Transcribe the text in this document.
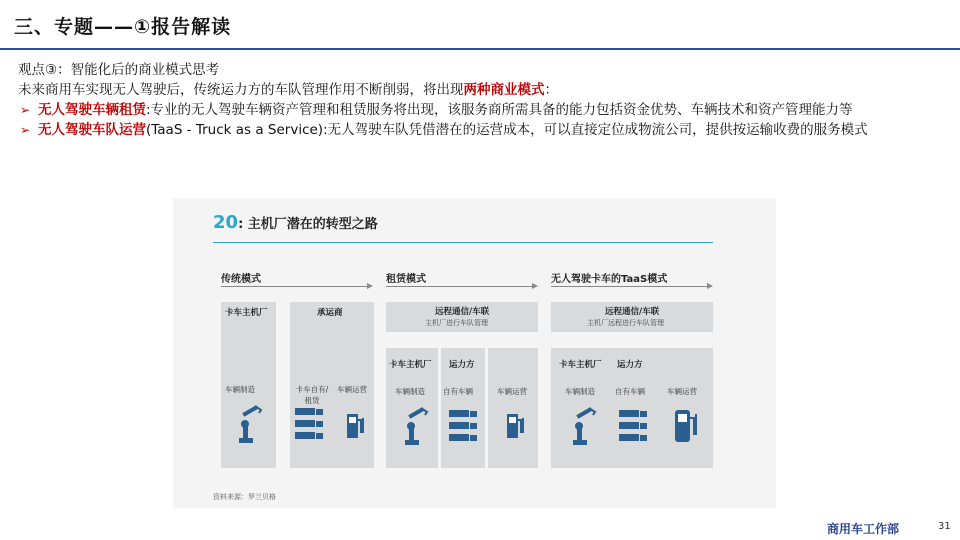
三、专题——①报告解读

观点③：智能化后的商业模式思考

未来商用车实现无人驾驶后，传统运力方的车队管理作用不断削弱，将出现两种商业模式：

➢ 无人驾驶车辆租赁:专业的无人驾驶车辆资产管理和租赁服务将出现，该服务商所需具备的能力包括资金优势、车辆技术和资产管理能力等

➢ 无人驾驶车队运营(TaaS - Truck as a Service):无人驾驶车队凭借潜在的运营成本，可以直接定位成物流公司，提供按运输收费的服务模式

20: 主机厂潜在的转型之路
传统模式	租赁模式	无人驾驶卡车的TaaS模式
卡车主机厂
车辆制造
承运商
卡车自有/
租赁
车辆运营
远程通信/车联
主机厂进行车队管理
卡车主机厂 运力方
车辆制造 自有车辆	车辆运营
远程通信/车联
主机厂远程进行车队管理
卡车主机厂 运力方
车辆制造	自有车辆	车辆运营
资料来源：罗兰贝格
商用车工作部	31
